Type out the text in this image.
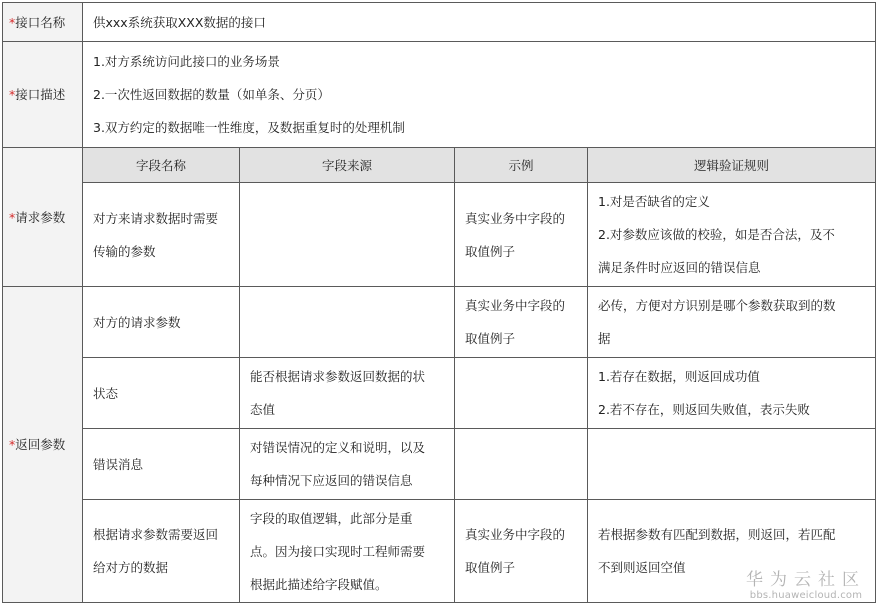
*接口名称	供xxx系统获取XXX数据的接口			
*接口描述	1.对方系统访问此接口的业务场景
2.一次性返回数据的数量（如单条、分页）
3.双方约定的数据唯一性维度，及数据重复时的处理机制			

*请求参数	字段名称	字段来源	示例	逻辑验证规则

	对方来请求数据时需要
传输的参数		真实业务中字段的
取值例子	1.对是否缺省的定义
2.对参数应该做的校验，如是否合法，及不
满足条件时应返回的错误信息

*返回参数	对方的请求参数		真实业务中字段的
取值例子	必传，方便对方识别是哪个参数获取到的数
据

	状态	能否根据请求参数返回数据的状
态值		1.若存在数据，则返回成功值
2.若不存在，则返回失败值，表示失败

	错误消息	对错误情况的定义和说明，以及
每种情况下应返回的错误信息		

	根据请求参数需要返回
给对方的数据	字段的取值逻辑，此部分是重
点。因为接口实现时工程师需要
根据此描述给字段赋值。	真实业务中字段的
取值例子	若根据参数有匹配到数据，则返回，若匹配
不到则返回空值
华为云社区
bbs.huaweicloud.com
